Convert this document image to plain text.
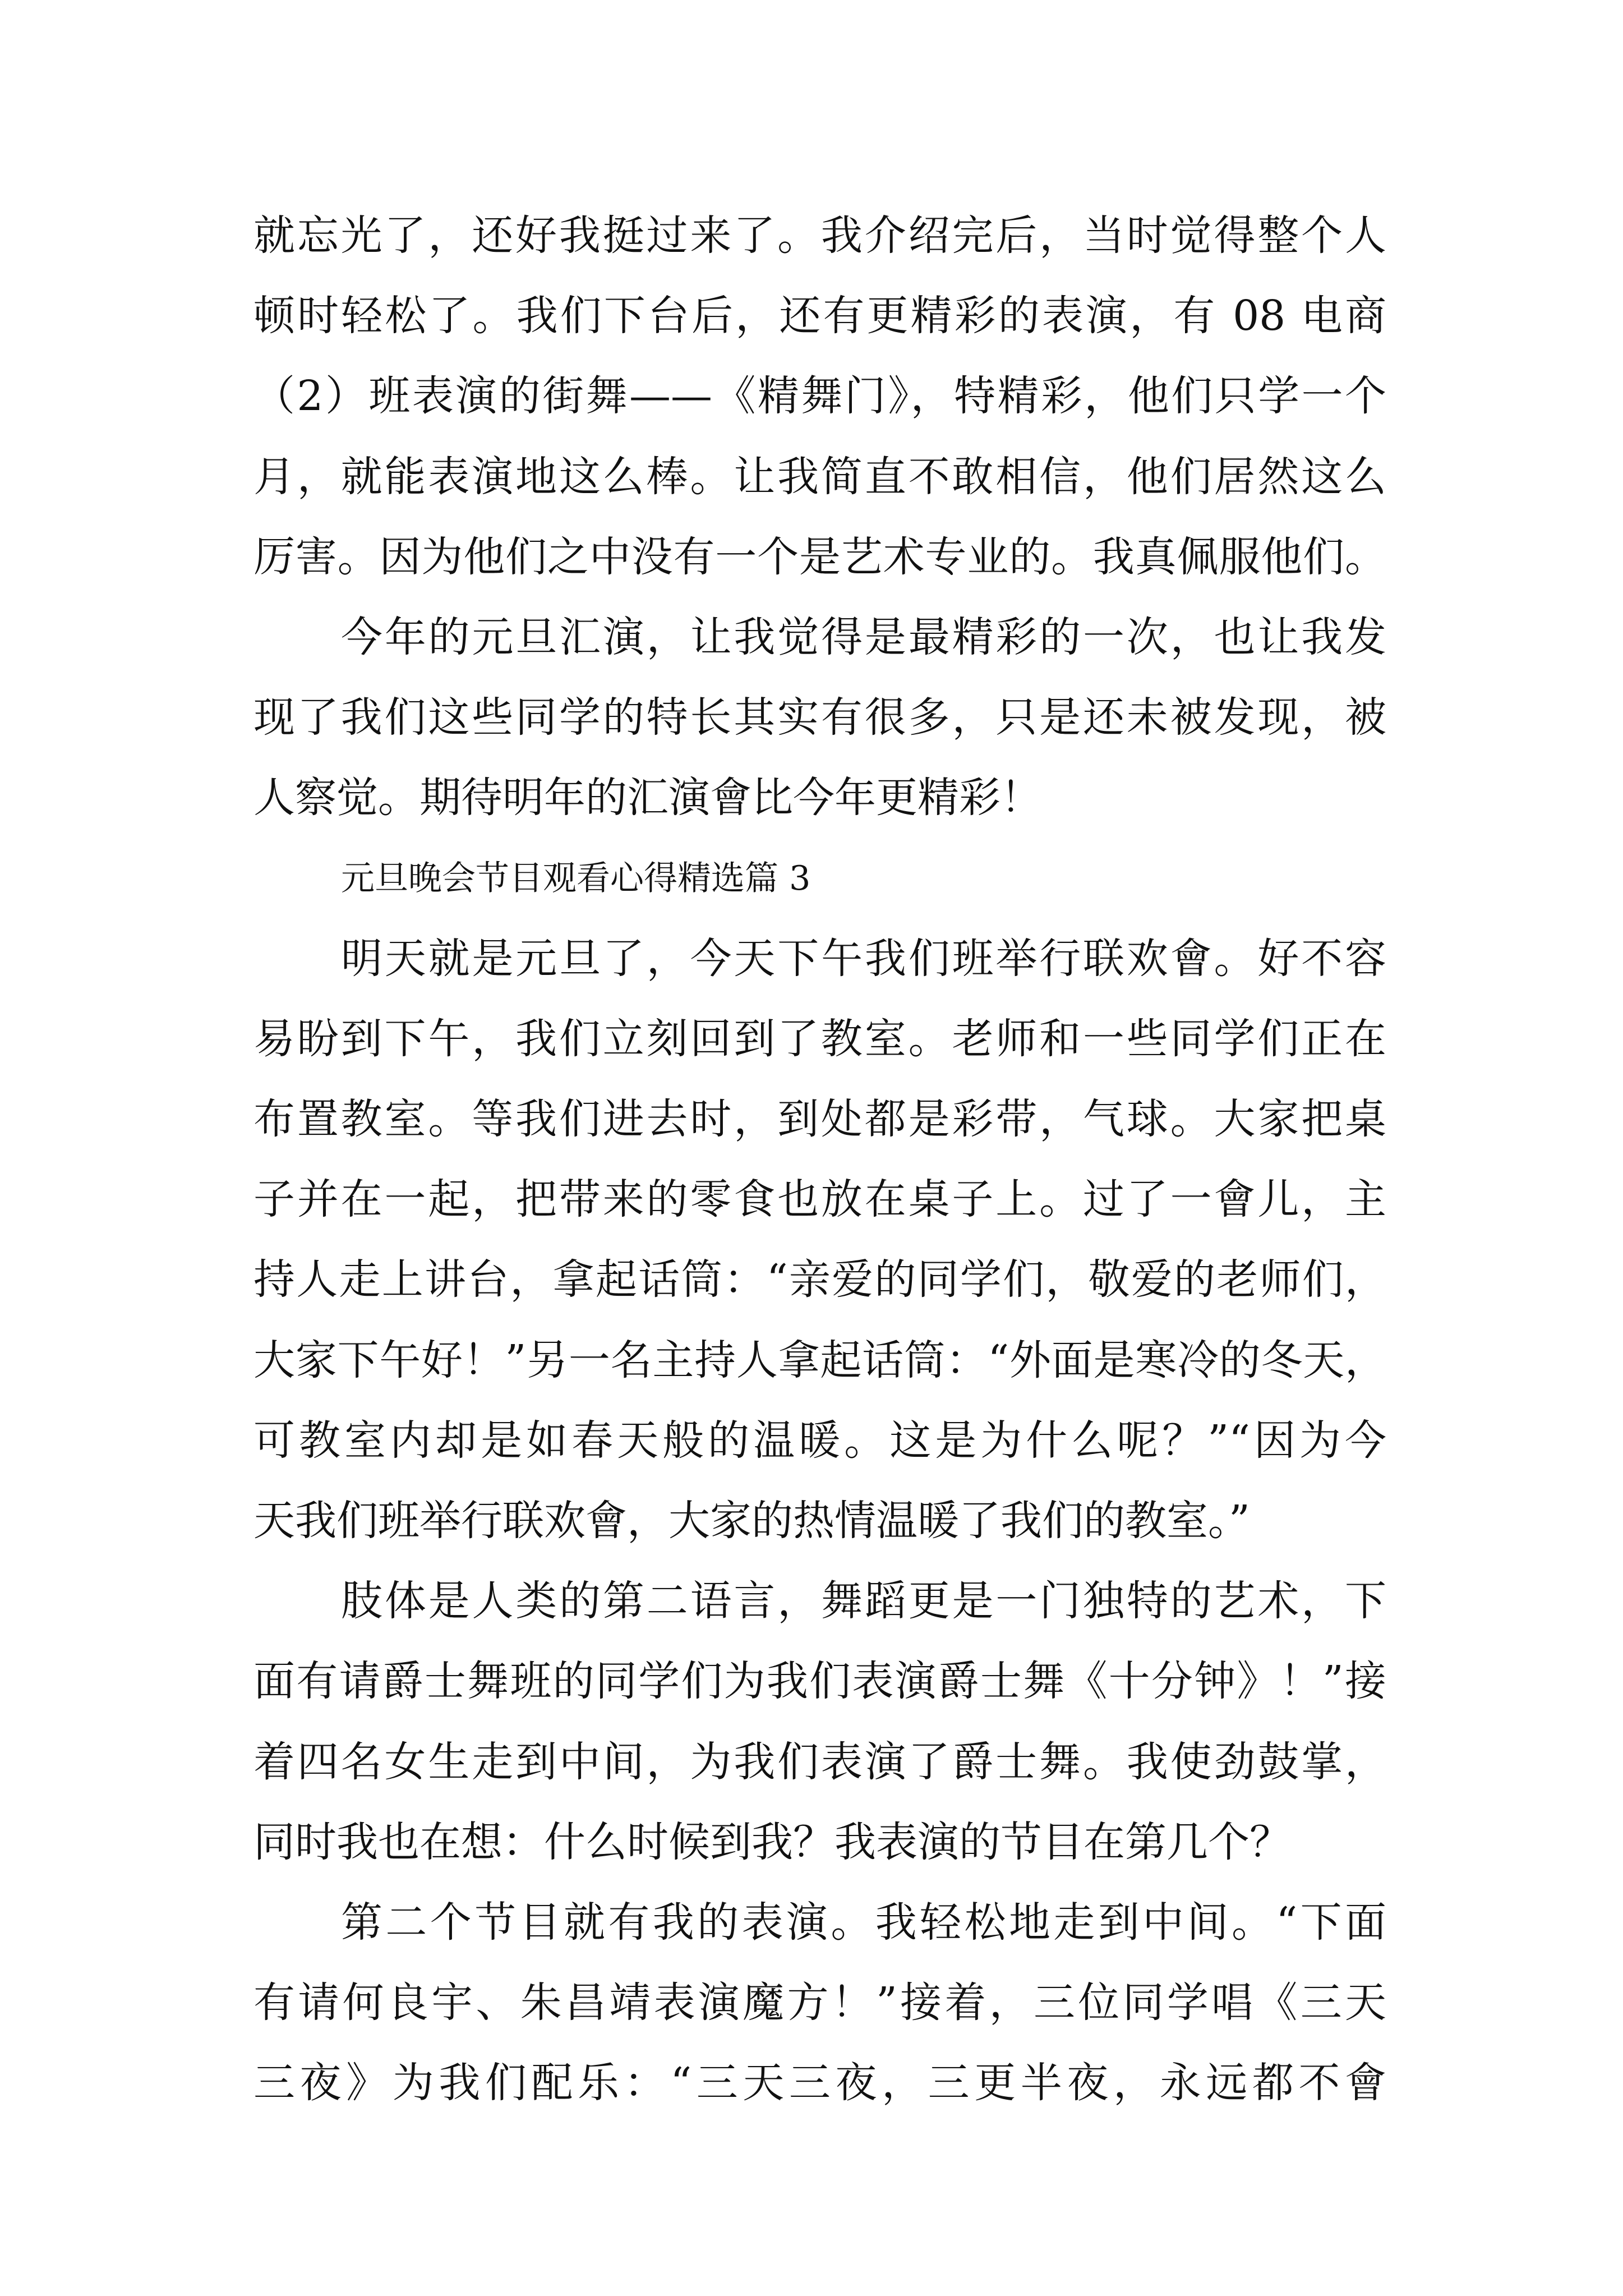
就忘光了，还好我挺过来了。我介绍完后，当时觉得整个人
顿时轻松了。我们下台后，还有更精彩的表演，有 08 电商
（2）班表演的街舞——《精舞门》，特精彩，他们只学一个
月，就能表演地这么棒。让我简直不敢相信，他们居然这么
厉害。因为他们之中没有一个是艺术专业的。我真佩服他们。
今年的元旦汇演，让我觉得是最精彩的一次，也让我发
现了我们这些同学的特长其实有很多，只是还未被发现，被
人察觉。期待明年的汇演會比今年更精彩！
元旦晚会节目观看心得精选篇 3
明天就是元旦了，今天下午我们班举行联欢會。好不容
易盼到下午，我们立刻回到了教室。老师和一些同学们正在
布置教室。等我们进去时，到处都是彩带，气球。大家把桌
子并在一起，把带来的零食也放在桌子上。过了一會儿，主
持人走上讲台，拿起话筒：“亲爱的同学们，敬爱的老师们，
大家下午好！”另一名主持人拿起话筒：“外面是寒冷的冬天，
可教室内却是如春天般的温暖。这是为什么呢？”“因为今
天我们班举行联欢會，大家的热情温暖了我们的教室。”
肢体是人类的第二语言，舞蹈更是一门独特的艺术，下
面有请爵士舞班的同学们为我们表演爵士舞《十分钟》！”接
着四名女生走到中间，为我们表演了爵士舞。我使劲鼓掌，
同时我也在想：什么时候到我？我表演的节目在第几个？
第二个节目就有我的表演。我轻松地走到中间。“下面
有请何良宇、朱昌靖表演魔方！”接着，三位同学唱《三天
三夜》为我们配乐：“三天三夜，三更半夜，永远都不會
